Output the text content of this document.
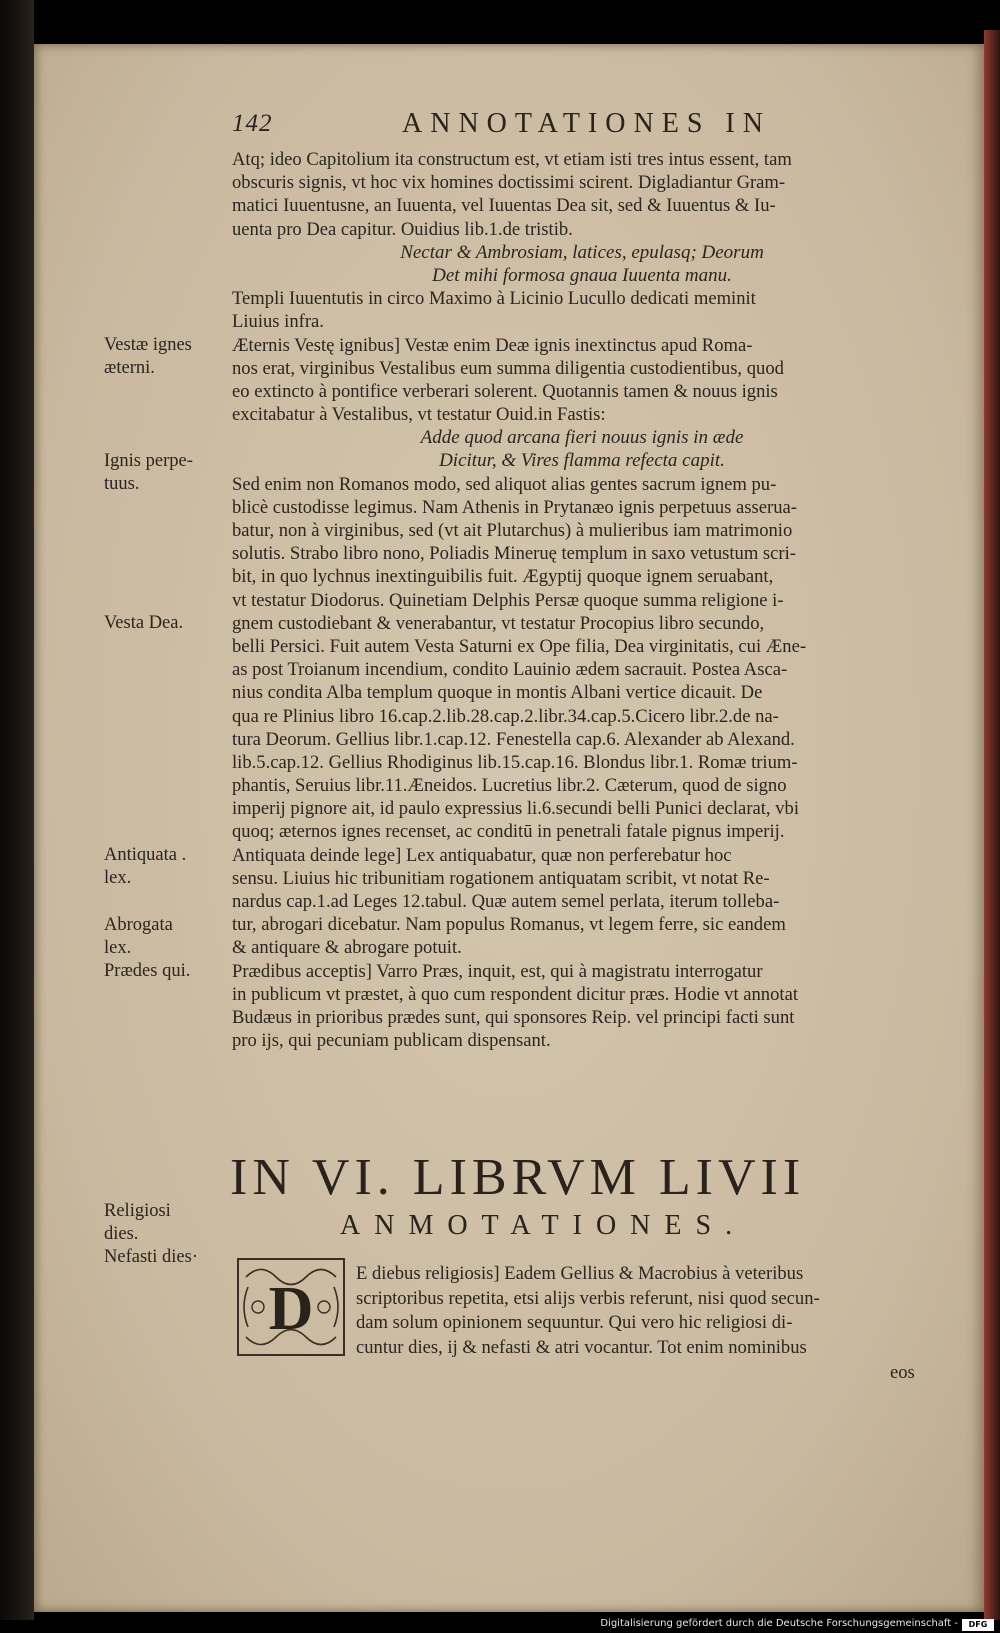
142	ANNOTATIONES IN
Atq; ideo Capitolium ita constructum est, vt etiam isti tres intus essent, tam
obscuris signis, vt hoc vix homines doctissimi scirent. Digladiantur Gram-
matici Iuuentusne, an Iuuenta, vel Iuuentas Dea sit, sed & Iuuentus & Iu-
uenta pro Dea capitur. Ouidius lib.1.de tristib.
Nectar & Ambrosiam, latices, epulasq; Deorum
Det mihi formosa gnaua Iuuenta manu.
Templi Iuuentutis in circo Maximo à Licinio Lucullo dedicati meminit
Liuius infra.
Æternis Vestę ignibus] Vestæ enim Deæ ignis inextinctus apud Roma-
nos erat, virginibus Vestalibus eum summa diligentia custodientibus, quod
eo extincto à pontifice verberari solerent. Quotannis tamen & nouus ignis
excitabatur à Vestalibus, vt testatur Ouid.in Fastis:
Adde quod arcana fieri nouus ignis in æde
Dicitur, & Vires flamma refecta capit.
Sed enim non Romanos modo, sed aliquot alias gentes sacrum ignem pu-
blicè custodisse legimus. Nam Athenis in Prytanæo ignis perpetuus asserua-
batur, non à virginibus, sed (vt ait Plutarchus) à mulieribus iam matrimonio
solutis. Strabo libro nono, Poliadis Mineruę templum in saxo vetustum scri-
bit, in quo lychnus inextinguibilis fuit. Ægyptij quoque ignem seruabant,
vt testatur Diodorus. Quinetiam Delphis Persæ quoque summa religione i-
gnem custodiebant & venerabantur, vt testatur Procopius libro secundo,
belli Persici. Fuit autem Vesta Saturni ex Ope filia, Dea virginitatis, cui Æne-
as post Troianum incendium, condito Lauinio ædem sacrauit. Postea Asca-
nius condita Alba templum quoque in montis Albani vertice dicauit. De
qua re Plinius libro 16.cap.2.lib.28.cap.2.libr.34.cap.5.Cicero libr.2.de na-
tura Deorum. Gellius libr.1.cap.12. Fenestella cap.6. Alexander ab Alexand.
lib.5.cap.12. Gellius Rhodiginus lib.15.cap.16. Blondus libr.1. Romæ trium-
phantis, Seruius libr.11.Æneidos. Lucretius libr.2. Cæterum, quod de signo
imperij pignore ait, id paulo expressius li.6.secundi belli Punici declarat, vbi
quoq; æternos ignes recenset, ac conditū in penetrali fatale pignus imperij.
Antiquata deinde lege] Lex antiquabatur, quæ non perferebatur hoc
sensu. Liuius hic tribunitiam rogationem antiquatam scribit, vt notat Re-
nardus cap.1.ad Leges 12.tabul. Quæ autem semel perlata, iterum tolleba-
tur, abrogari dicebatur. Nam populus Romanus, vt legem ferre, sic eandem
& antiquare & abrogare potuit.
Prædibus acceptis] Varro Præs, inquit, est, qui à magistratu interrogatur
in publicum vt præstet, à quo cum respondent dicitur præs. Hodie vt annotat
Budæus in prioribus prædes sunt, qui sponsores Reip. vel principi facti sunt
pro ijs, qui pecuniam publicam dispensant.
Vestæ ignes
æterni.
Ignis perpe-
tuus.
Vesta Dea.
Antiquata .
lex.
Abrogata
lex.
Prædes qui.
IN VI. LIBRVM LIVII
ANMOTATIONES.
Religiosi
dies.
Nefasti dies·
D
E diebus religiosis] Eadem Gellius & Macrobius à veteribus
scriptoribus repetita, etsi alijs verbis referunt, nisi quod secun-
dam solum opinionem sequuntur. Qui vero hic religiosi di-
cuntur dies, ij & nefasti & atri vocantur. Tot enim nominibus
eos
Digitalisierung gefördert durch die Deutsche Forschungsgemeinschaft -	DFG
